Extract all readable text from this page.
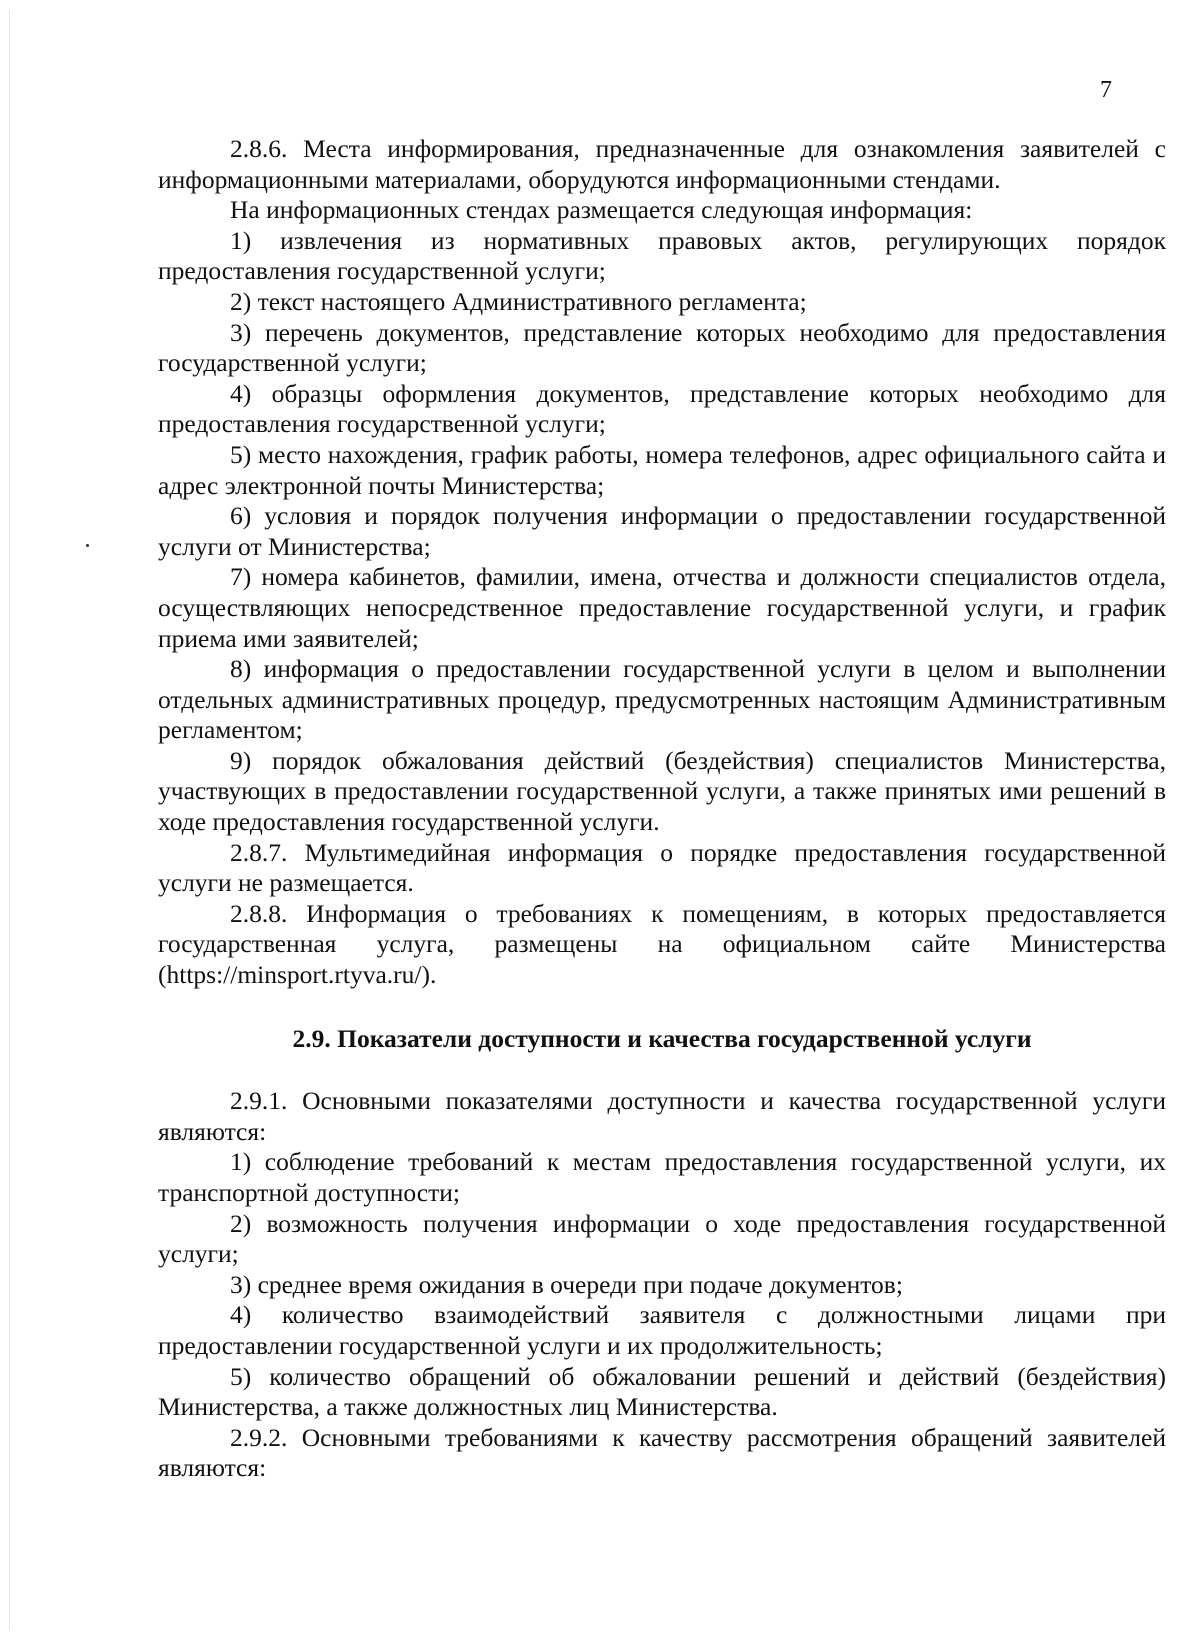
7

2.8.6. Места информирования, предназначенные для ознакомления заявителей с информационными материалами, оборудуются информационными стендами.

На информационных стендах размещается следующая информация:

1) извлечения из нормативных правовых актов, регулирующих порядок предоставления государственной услуги;

2) текст настоящего Административного регламента;

3) перечень документов, представление которых необходимо для предоставления государственной услуги;

4) образцы оформления документов, представление которых необходимо для предоставления государственной услуги;

5) место нахождения, график работы, номера телефонов, адрес официального сайта и адрес электронной почты Министерства;

6) условия и порядок получения информации о предоставлении государственной услуги от Министерства;

7) номера кабинетов, фамилии, имена, отчества и должности специалистов отдела, осуществляющих непосредственное предоставление государственной услуги, и график приема ими заявителей;

8) информация о предоставлении государственной услуги в целом и выполнении отдельных административных процедур, предусмотренных настоящим Административным регламентом;

9) порядок обжалования действий (бездействия) специалистов Министерства, участвующих в предоставлении государственной услуги, а также принятых ими решений в ходе предоставления государственной услуги.

2.8.7. Мультимедийная информация о порядке предоставления государственной услуги не размещается.

2.8.8. Информация о требованиях к помещениям, в которых предоставляется государственная услуга, размещены на официальном сайте Министерства (https://minsport.rtyva.ru/).

2.9. Показатели доступности и качества государственной услуги

2.9.1. Основными показателями доступности и качества государственной услуги являются:

1) соблюдение требований к местам предоставления государственной услуги, их транспортной доступности;

2) возможность получения информации о ходе предоставления государственной услуги;

3) среднее время ожидания в очереди при подаче документов;

4) количество взаимодействий заявителя с должностными лицами при предоставлении государственной услуги и их продолжительность;

5) количество обращений об обжаловании решений и действий (бездействия) Министерства, а также должностных лиц Министерства.

2.9.2. Основными требованиями к качеству рассмотрения обращений заявителей являются:
